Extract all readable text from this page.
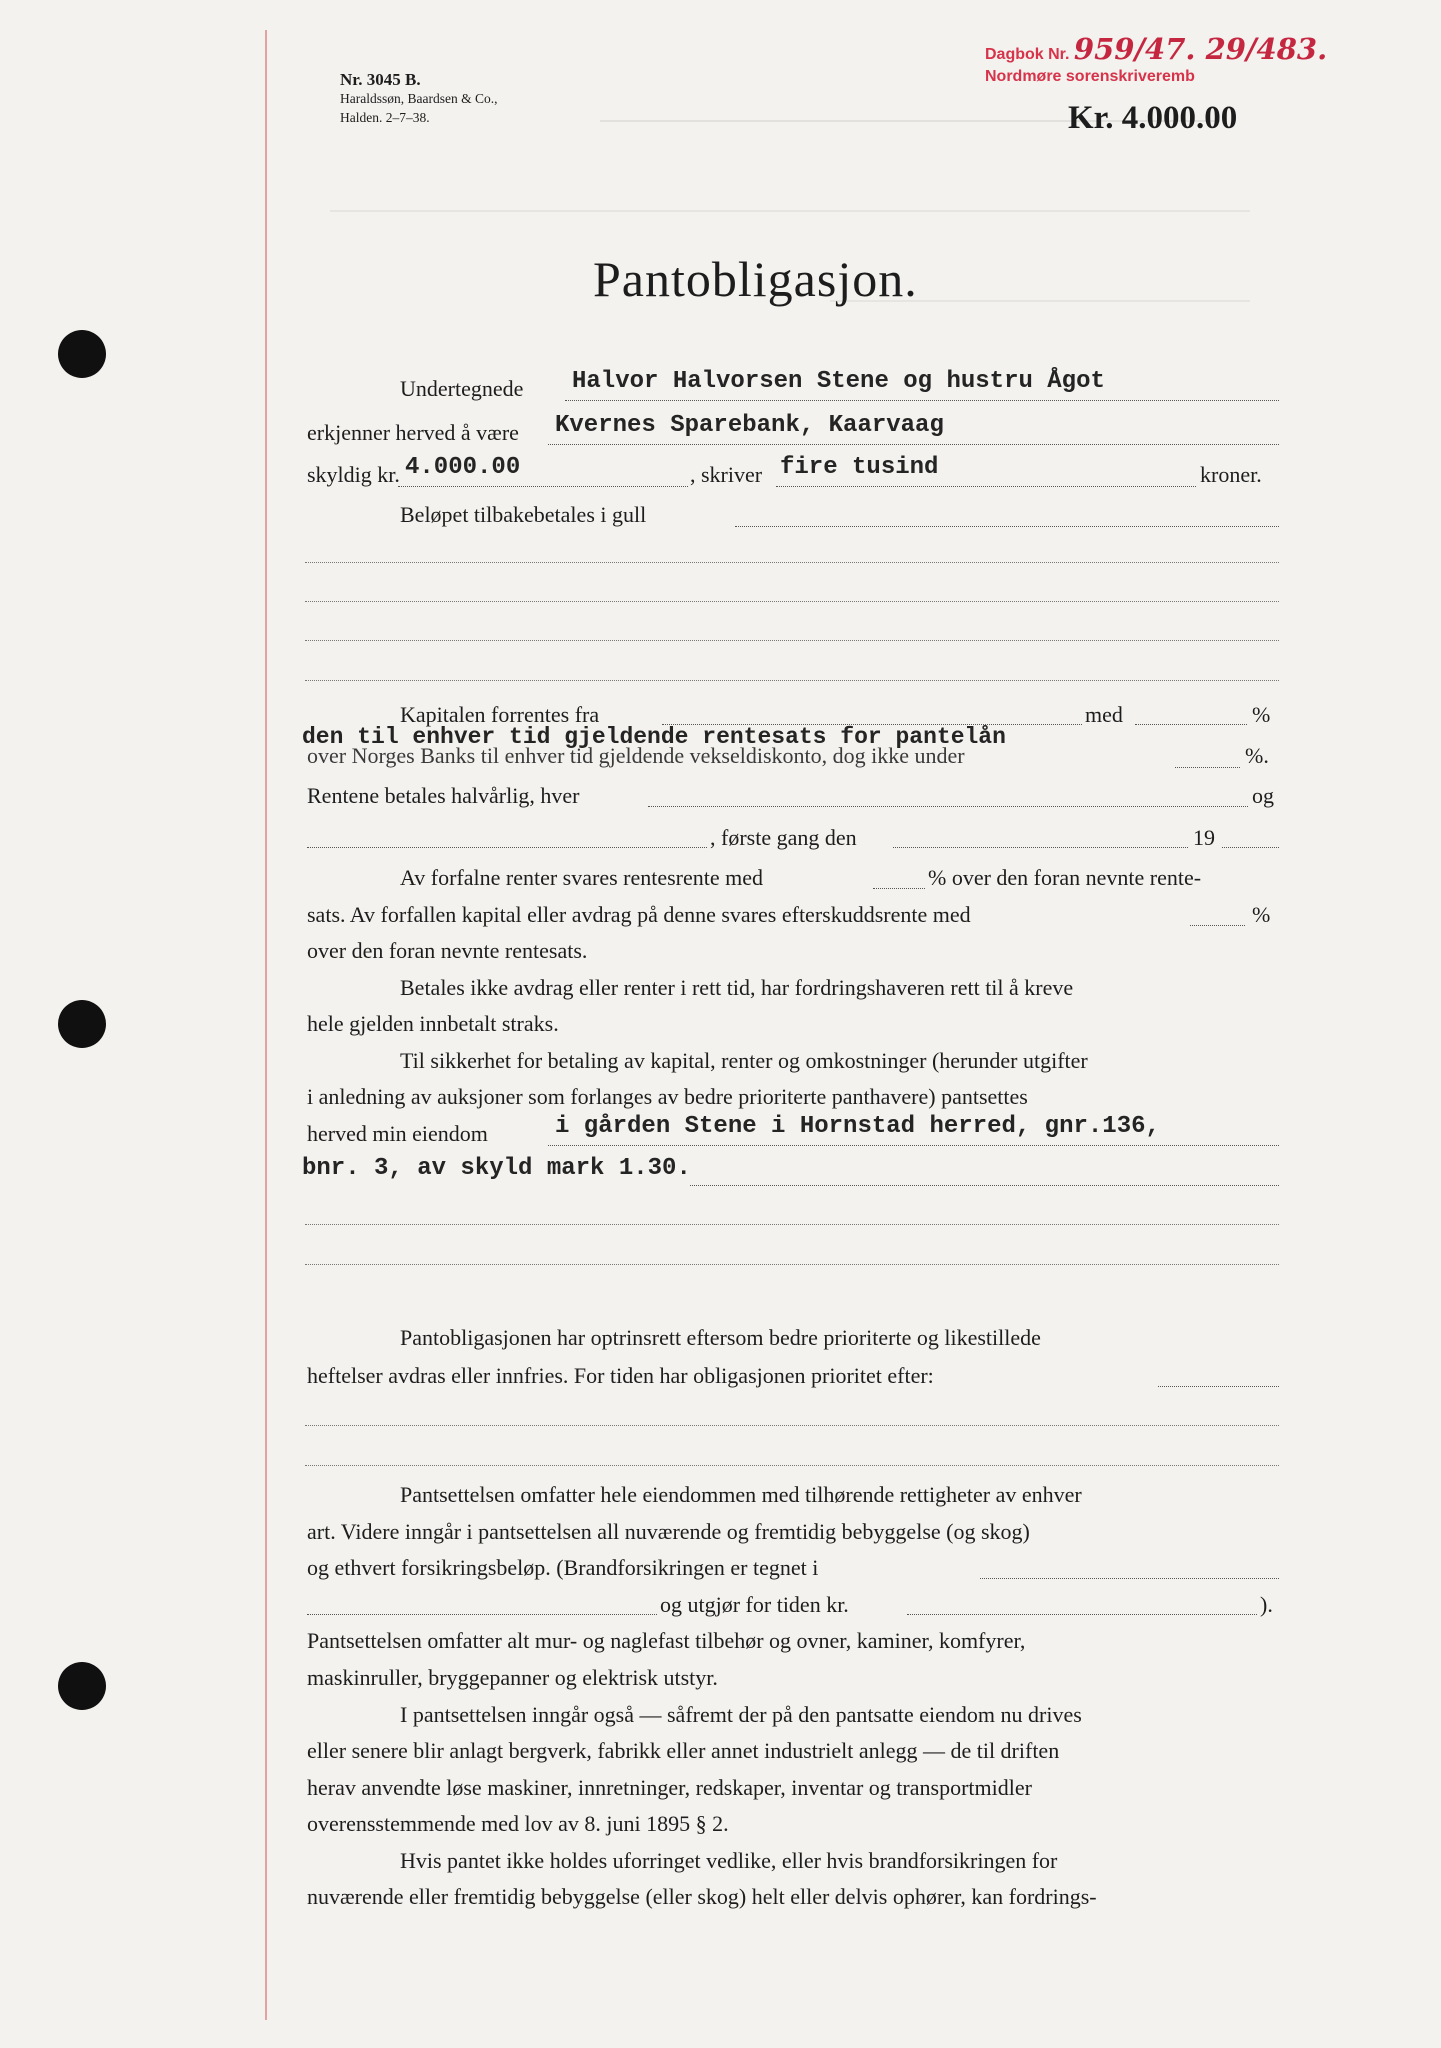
Nr. 3045 B.
Haraldssøn, Baardsen & Co.,
Halden. 2–7–38.
Dagbok Nr. 959/47. 29/483.
Nordmøre sorenskriveremb
Kr. 4.000.00
Pantobligasjon.
Undertegnede Halvor Halvorsen Stene og hustru Ågot
erkjenner herved å være Kvernes Sparebank, Kaarvaag
skyldig kr. 4.000.00	, skriver fire tusind	kroner.
Beløpet tilbakebetales i gull
Kapitalen forrentes fra	med	%
den til enhver tid gjeldende rentesats for pantelån
over Norges Banks til enhver tid gjeldende vekseldiskonto, dog ikke under	%.
Rentene betales halvårlig, hver	og
, første gang den	19
Av forfalne renter svares rentesrente med	% over den foran nevnte rente-
sats. Av forfallen kapital eller avdrag på denne svares efterskuddsrente med	%
over den foran nevnte rentesats.
Betales ikke avdrag eller renter i rett tid, har fordringshaveren rett til å kreve
hele gjelden innbetalt straks.
Til sikkerhet for betaling av kapital, renter og omkostninger (herunder utgifter
i anledning av auksjoner som forlanges av bedre prioriterte panthavere) pantsettes
herved min eiendom	i gården Stene i Hornstad herred, gnr.136,
bnr. 3, av skyld mark 1.30.
Pantobligasjonen har optrinsrett eftersom bedre prioriterte og likestillede
heftelser avdras eller innfries. For tiden har obligasjonen prioritet efter:
Pantsettelsen omfatter hele eiendommen med tilhørende rettigheter av enhver
art. Videre inngår i pantsettelsen all nuværende og fremtidig bebyggelse (og skog)
og ethvert forsikringsbeløp. (Brandforsikringen er tegnet i
og utgjør for tiden kr.	).
Pantsettelsen omfatter alt mur- og naglefast tilbehør og ovner, kaminer, komfyrer,
maskinruller, bryggepanner og elektrisk utstyr.
I pantsettelsen inngår også — såfremt der på den pantsatte eiendom nu drives
eller senere blir anlagt bergverk, fabrikk eller annet industrielt anlegg — de til driften
herav anvendte løse maskiner, innretninger, redskaper, inventar og transportmidler
overensstemmende med lov av 8. juni 1895 § 2.
Hvis pantet ikke holdes uforringet vedlike, eller hvis brandforsikringen for
nuværende eller fremtidig bebyggelse (eller skog) helt eller delvis ophører, kan fordrings-
